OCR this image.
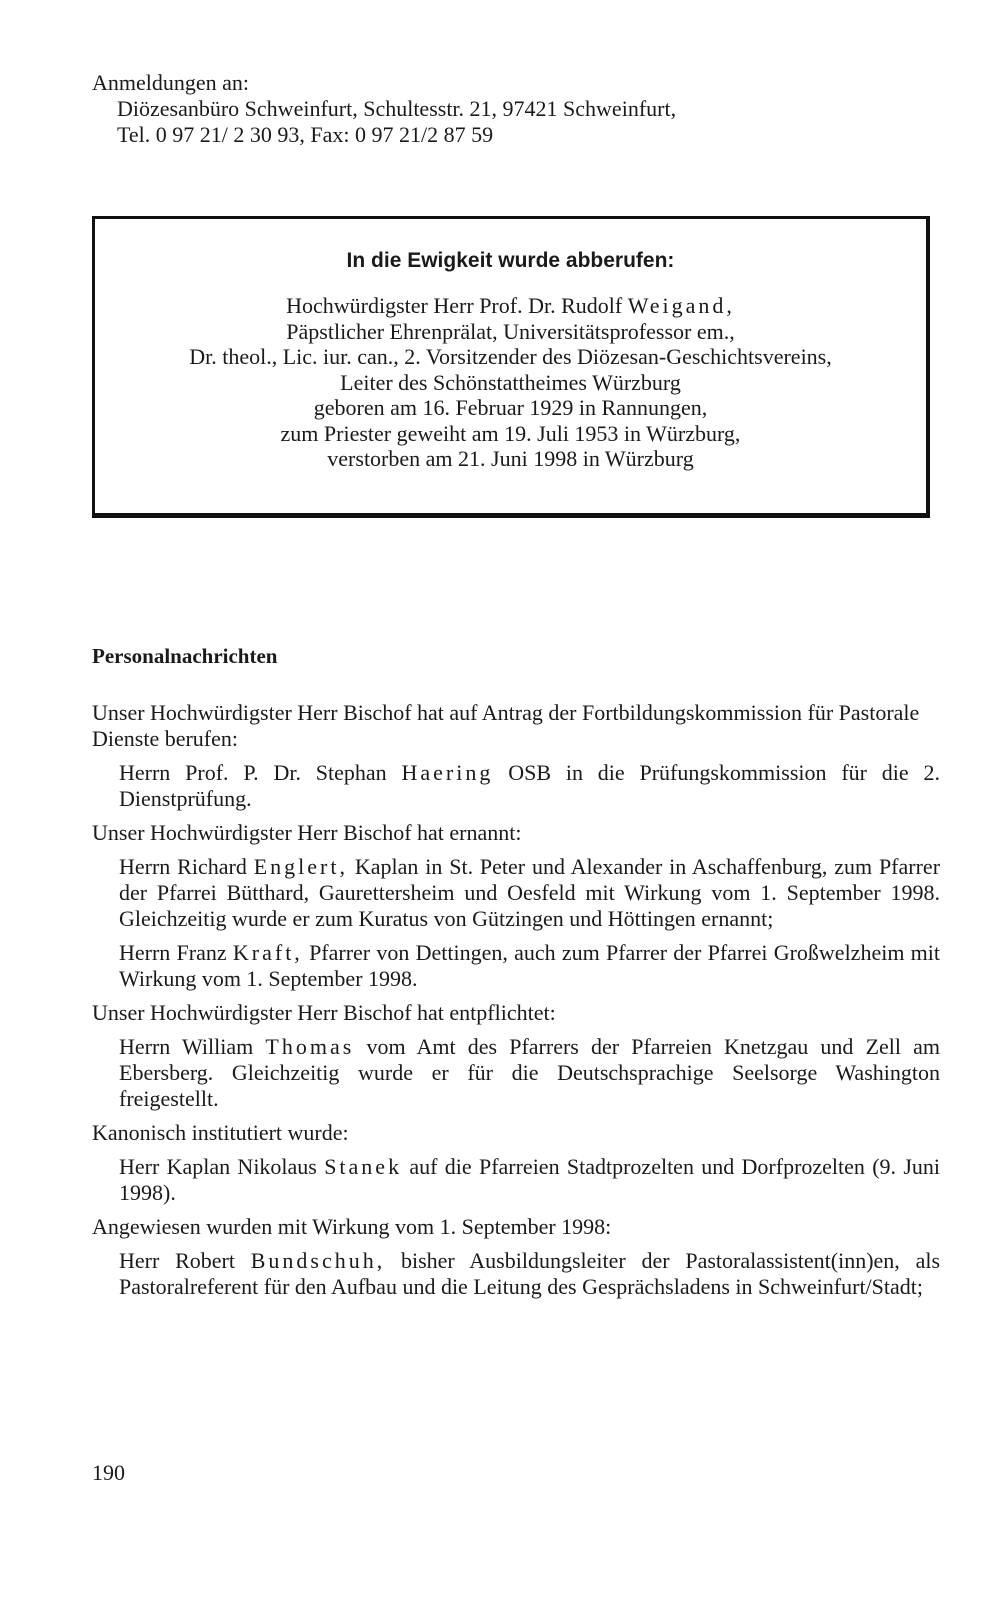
Anmeldungen an:

Diözesanbüro Schweinfurt, Schultesstr. 21, 97421 Schweinfurt,

Tel. 0 97 21/ 2 30 93, Fax: 0 97 21/2 87 59

In die Ewigkeit wurde abberufen:

Hochwürdigster Herr Prof. Dr. Rudolf Weigand,

Päpstlicher Ehrenprälat, Universitätsprofessor em.,

Dr. theol., Lic. iur. can., 2. Vorsitzender des Diözesan-Geschichtsvereins,

Leiter des Schönstattheimes Würzburg

geboren am 16. Februar 1929 in Rannungen,

zum Priester geweiht am 19. Juli 1953 in Würzburg,

verstorben am 21. Juni 1998 in Würzburg

Personalnachrichten

Unser Hochwürdigster Herr Bischof hat auf Antrag der Fortbildungskommission für Pastorale Dienste berufen:

Herrn Prof. P. Dr. Stephan Haering OSB in die Prüfungskommission für die 2. Dienstprüfung.

Unser Hochwürdigster Herr Bischof hat ernannt:

Herrn Richard Englert, Kaplan in St. Peter und Alexander in Aschaffenburg, zum Pfarrer der Pfarrei Bütthard, Gaurettersheim und Oesfeld mit Wirkung vom 1. September 1998. Gleichzeitig wurde er zum Kuratus von Gützingen und Höttingen ernannt;

Herrn Franz Kraft, Pfarrer von Dettingen, auch zum Pfarrer der Pfarrei Großwelzheim mit Wirkung vom 1. September 1998.

Unser Hochwürdigster Herr Bischof hat entpflichtet:

Herrn William Thomas vom Amt des Pfarrers der Pfarreien Knetzgau und Zell am Ebersberg. Gleichzeitig wurde er für die Deutschsprachige Seelsorge Washington freigestellt.

Kanonisch institutiert wurde:

Herr Kaplan Nikolaus Stanek auf die Pfarreien Stadtprozelten und Dorfprozelten (9. Juni 1998).

Angewiesen wurden mit Wirkung vom 1. September 1998:

Herr Robert Bundschuh, bisher Ausbildungsleiter der Pastoralassistent(inn)en, als Pastoralreferent für den Aufbau und die Leitung des Gesprächsladens in Schweinfurt/Stadt;

190
